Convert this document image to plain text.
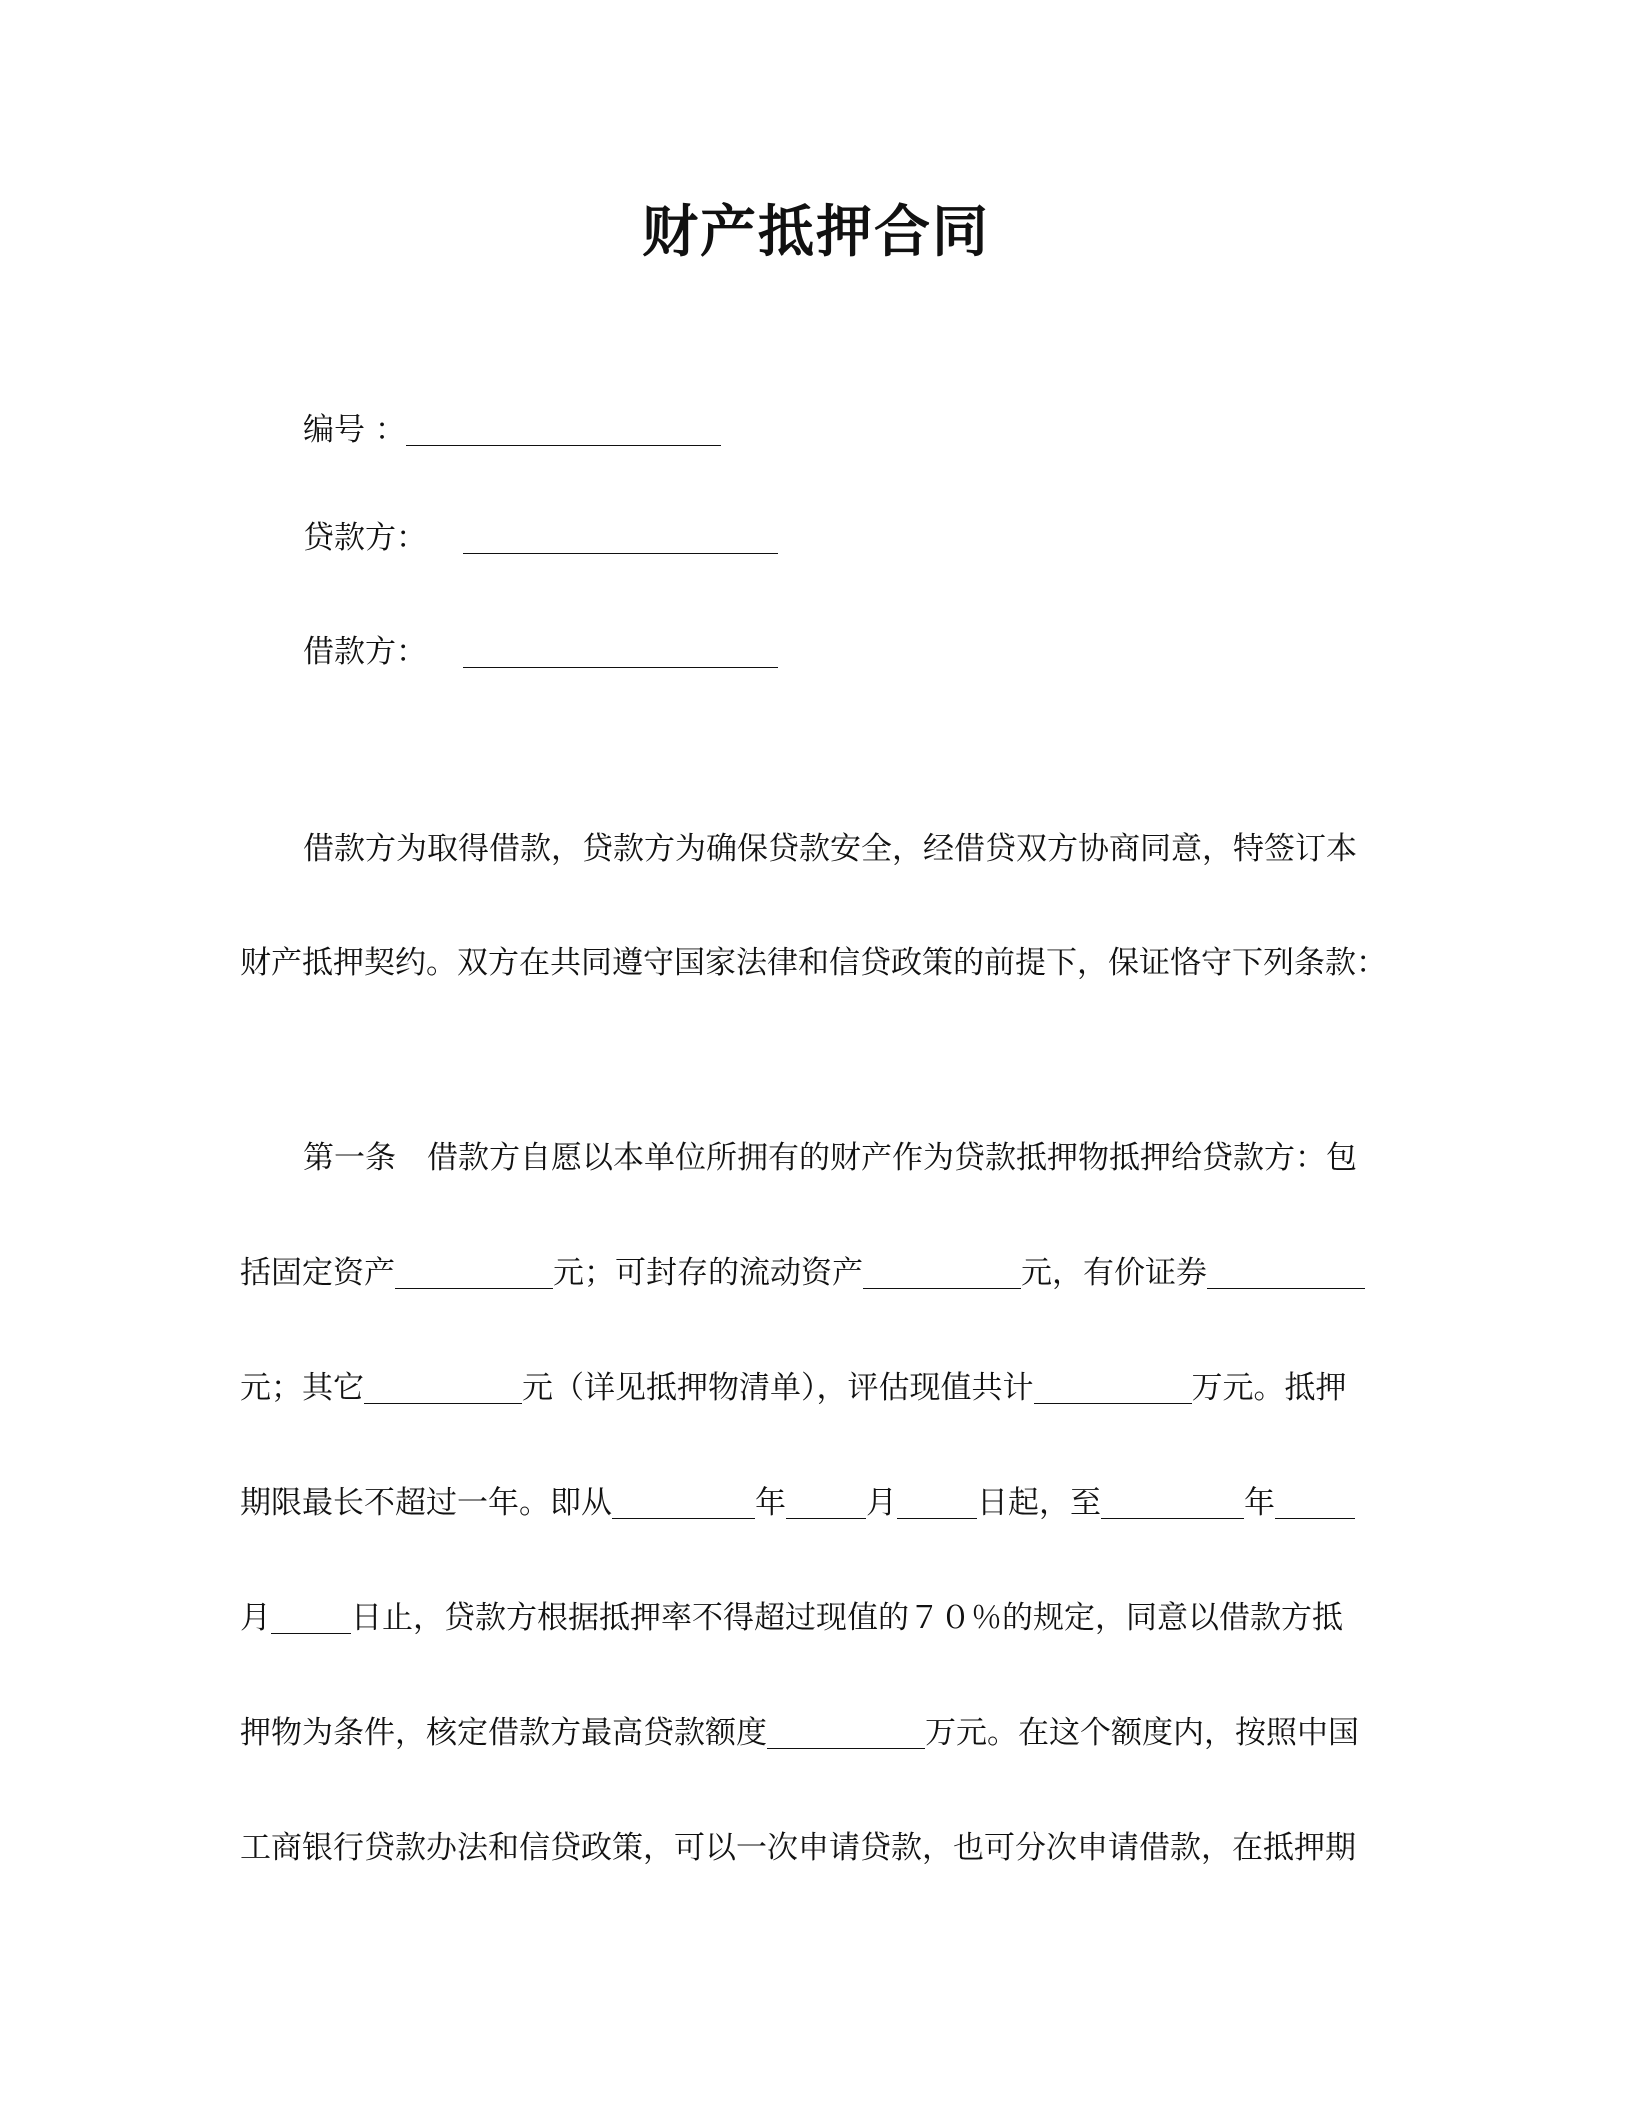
财产抵押合同
编号 ：
贷款方：
借款方：
借款方为取得借款，贷款方为确保贷款安全，经借贷双方协商同意，特签订本
财产抵押契约。双方在共同遵守国家法律和信贷政策的前提下，保证恪守下列条款：
第一条　借款方自愿以本单位所拥有的财产作为贷款抵押物抵押给贷款方：包
括固定资产	元；可封存的流动资产	元，有价证券
元；其它	元（详见抵押物清单），评估现值共计	万元。抵押
期限最长不超过一年。即从	年	月	日起，至	年
月	日止，贷款方根据抵押率不得超过现值的７０％的规定，同意以借款方抵
押物为条件，核定借款方最高贷款额度	万元。在这个额度内，按照中国
工商银行贷款办法和信贷政策，可以一次申请贷款，也可分次申请借款，在抵押期
